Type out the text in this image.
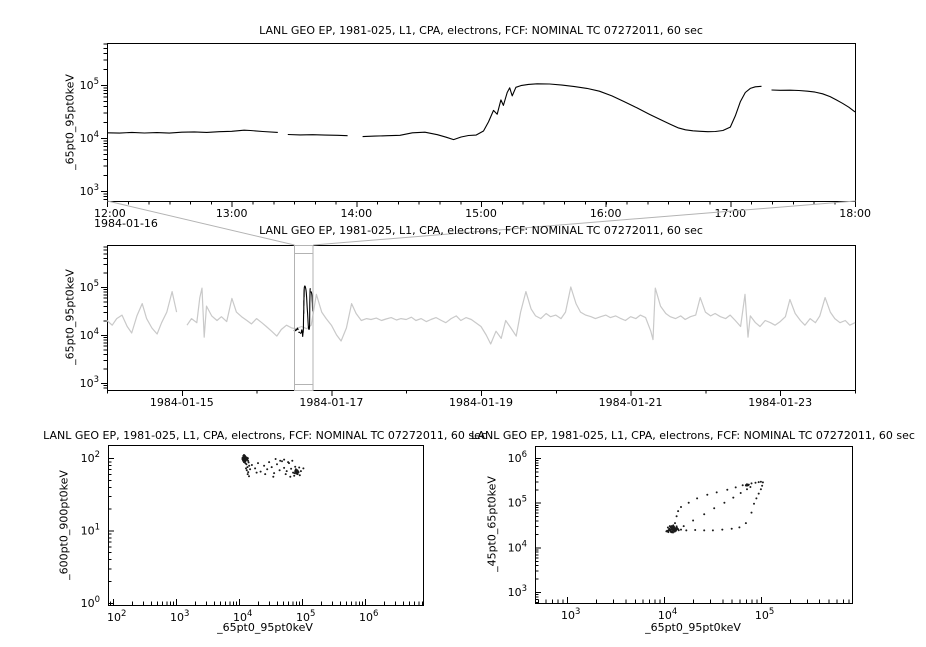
$10^3$
$10^4$
$10^5$
12:00	13:00	14:00	15:00	16:00	17:00	18:00
$10^3$
$10^4$
$10^5$
1984-01-15	1984-01-17	1984-01-19	1984-01-21	1984-01-23
$10^0$
$10^1$
$10^2$
$10^2$	$10^3$	$10^4$	$10^5$	$10^6$
$10^3$
$10^4$
$10^5$
$10^6$
$10^3$	$10^4$	$10^5$
LANL GEO EP, 1981-025, L1, CPA, electrons, FCF: NOMINAL TC 07272011, 60 sec
LANL GEO EP, 1981-025, L1, CPA, electrons, FCF: NOMINAL TC 07272011, 60 sec
LANL GEO EP, 1981-025, L1, CPA, electrons, FCF: NOMINAL TC 07272011, 60 sec
LANL GEO EP, 1981-025, L1, CPA, electrons, FCF: NOMINAL TC 07272011, 60 sec
_65pt0_95pt0keV
_65pt0_95pt0keV
_600pt0_900pt0keV	_45pt0_65pt0keV
_65pt0_95pt0keV	_65pt0_95pt0keV
1984-01-16
